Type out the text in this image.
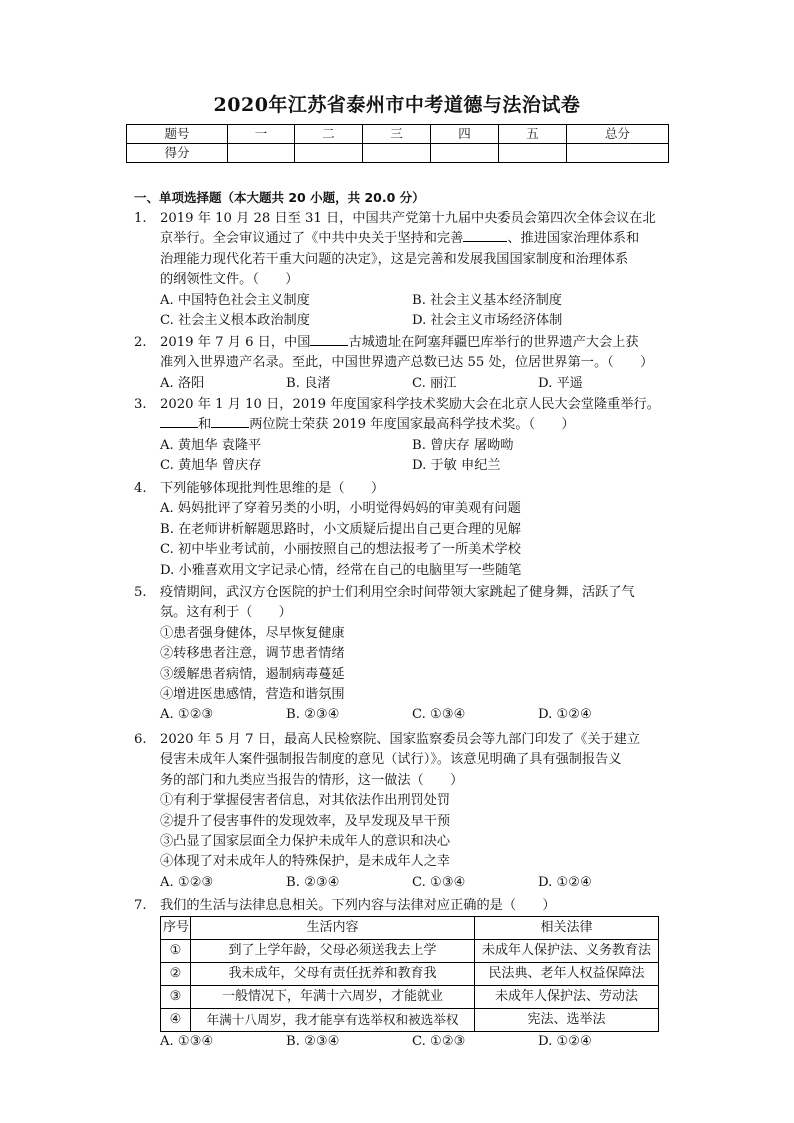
2020年江苏省泰州市中考道德与法治试卷
题号	一	二	三	四	五	总分
得分						
一、单项选择题（本大题共 20 小题，共 20.0 分）
1.	2019 年 10 月 28 日至 31 日，中国共产党第十九届中央委员会第四次全体会议在北
京举行。全会审议通过了《中共中央关于坚持和完善	、推进国家治理体系和
治理能力现代化若干重大问题的决定》，这是完善和发展我国国家制度和治理体系
的纲领性文件。（　　）
A. 中国特色社会主义制度	B. 社会主义基本经济制度
C. 社会主义根本政治制度	D. 社会主义市场经济体制
2.	2019 年 7 月 6 日，中国	古城遗址在阿塞拜疆巴库举行的世界遗产大会上获
准列入世界遗产名录。至此，中国世界遗产总数已达 55 处，位居世界第一。（　　）
A. 洛阳	B. 良渚	C. 丽江	D. 平遥
3.	2020 年 1 月 10 日，2019 年度国家科学技术奖励大会在北京人民大会堂隆重举行。
和	两位院士荣获 2019 年度国家最高科学技术奖。（　　）
A. 黄旭华 袁隆平	B. 曾庆存 屠呦呦
C. 黄旭华 曾庆存	D. 于敏 申纪兰
4.	下列能够体现批判性思维的是（　　）
A. 妈妈批评了穿着另类的小明，小明觉得妈妈的审美观有问题
B. 在老师讲析解题思路时，小文质疑后提出自己更合理的见解
C. 初中毕业考试前，小丽按照自己的想法报考了一所美术学校
D. 小雅喜欢用文字记录心情，经常在自己的电脑里写一些随笔
5.	疫情期间，武汉方仓医院的护士们利用空余时间带领大家跳起了健身舞，活跃了气
氛。这有利于（　　）
①患者强身健体，尽早恢复健康
②转移患者注意，调节患者情绪
③缓解患者病情，遏制病毒蔓延
④增进医患感情，营造和谐氛围
A. ①②③	B. ②③④	C. ①③④	D. ①②④
6.	2020 年 5 月 7 日，最高人民检察院、国家监察委员会等九部门印发了《关于建立
侵害未成年人案件强制报告制度的意见（试行）》。该意见明确了具有强制报告义
务的部门和九类应当报告的情形，这一做法（　　）
①有利于掌握侵害者信息，对其依法作出刑罚处罚
②提升了侵害事件的发现效率，及早发现及早干预
③凸显了国家层面全力保护未成年人的意识和决心
④体现了对未成年人的特殊保护，是未成年人之幸
A. ①②③	B. ②③④	C. ①③④	D. ①②④
7.	我们的生活与法律息息相关。下列内容与法律对应正确的是（　　）
序号	生活内容	相关法律
①	到了上学年龄，父母必须送我去上学	未成年人保护法、义务教育法
②	我未成年，父母有责任抚养和教育我	民法典、老年人权益保障法
③	一般情况下，年满十六周岁，才能就业	未成年人保护法、劳动法
④	年满十八周岁，我才能享有选举权和被选举权	宪法、选举法
A. ①③④	B. ②③④	C. ①②③	D. ①②④
